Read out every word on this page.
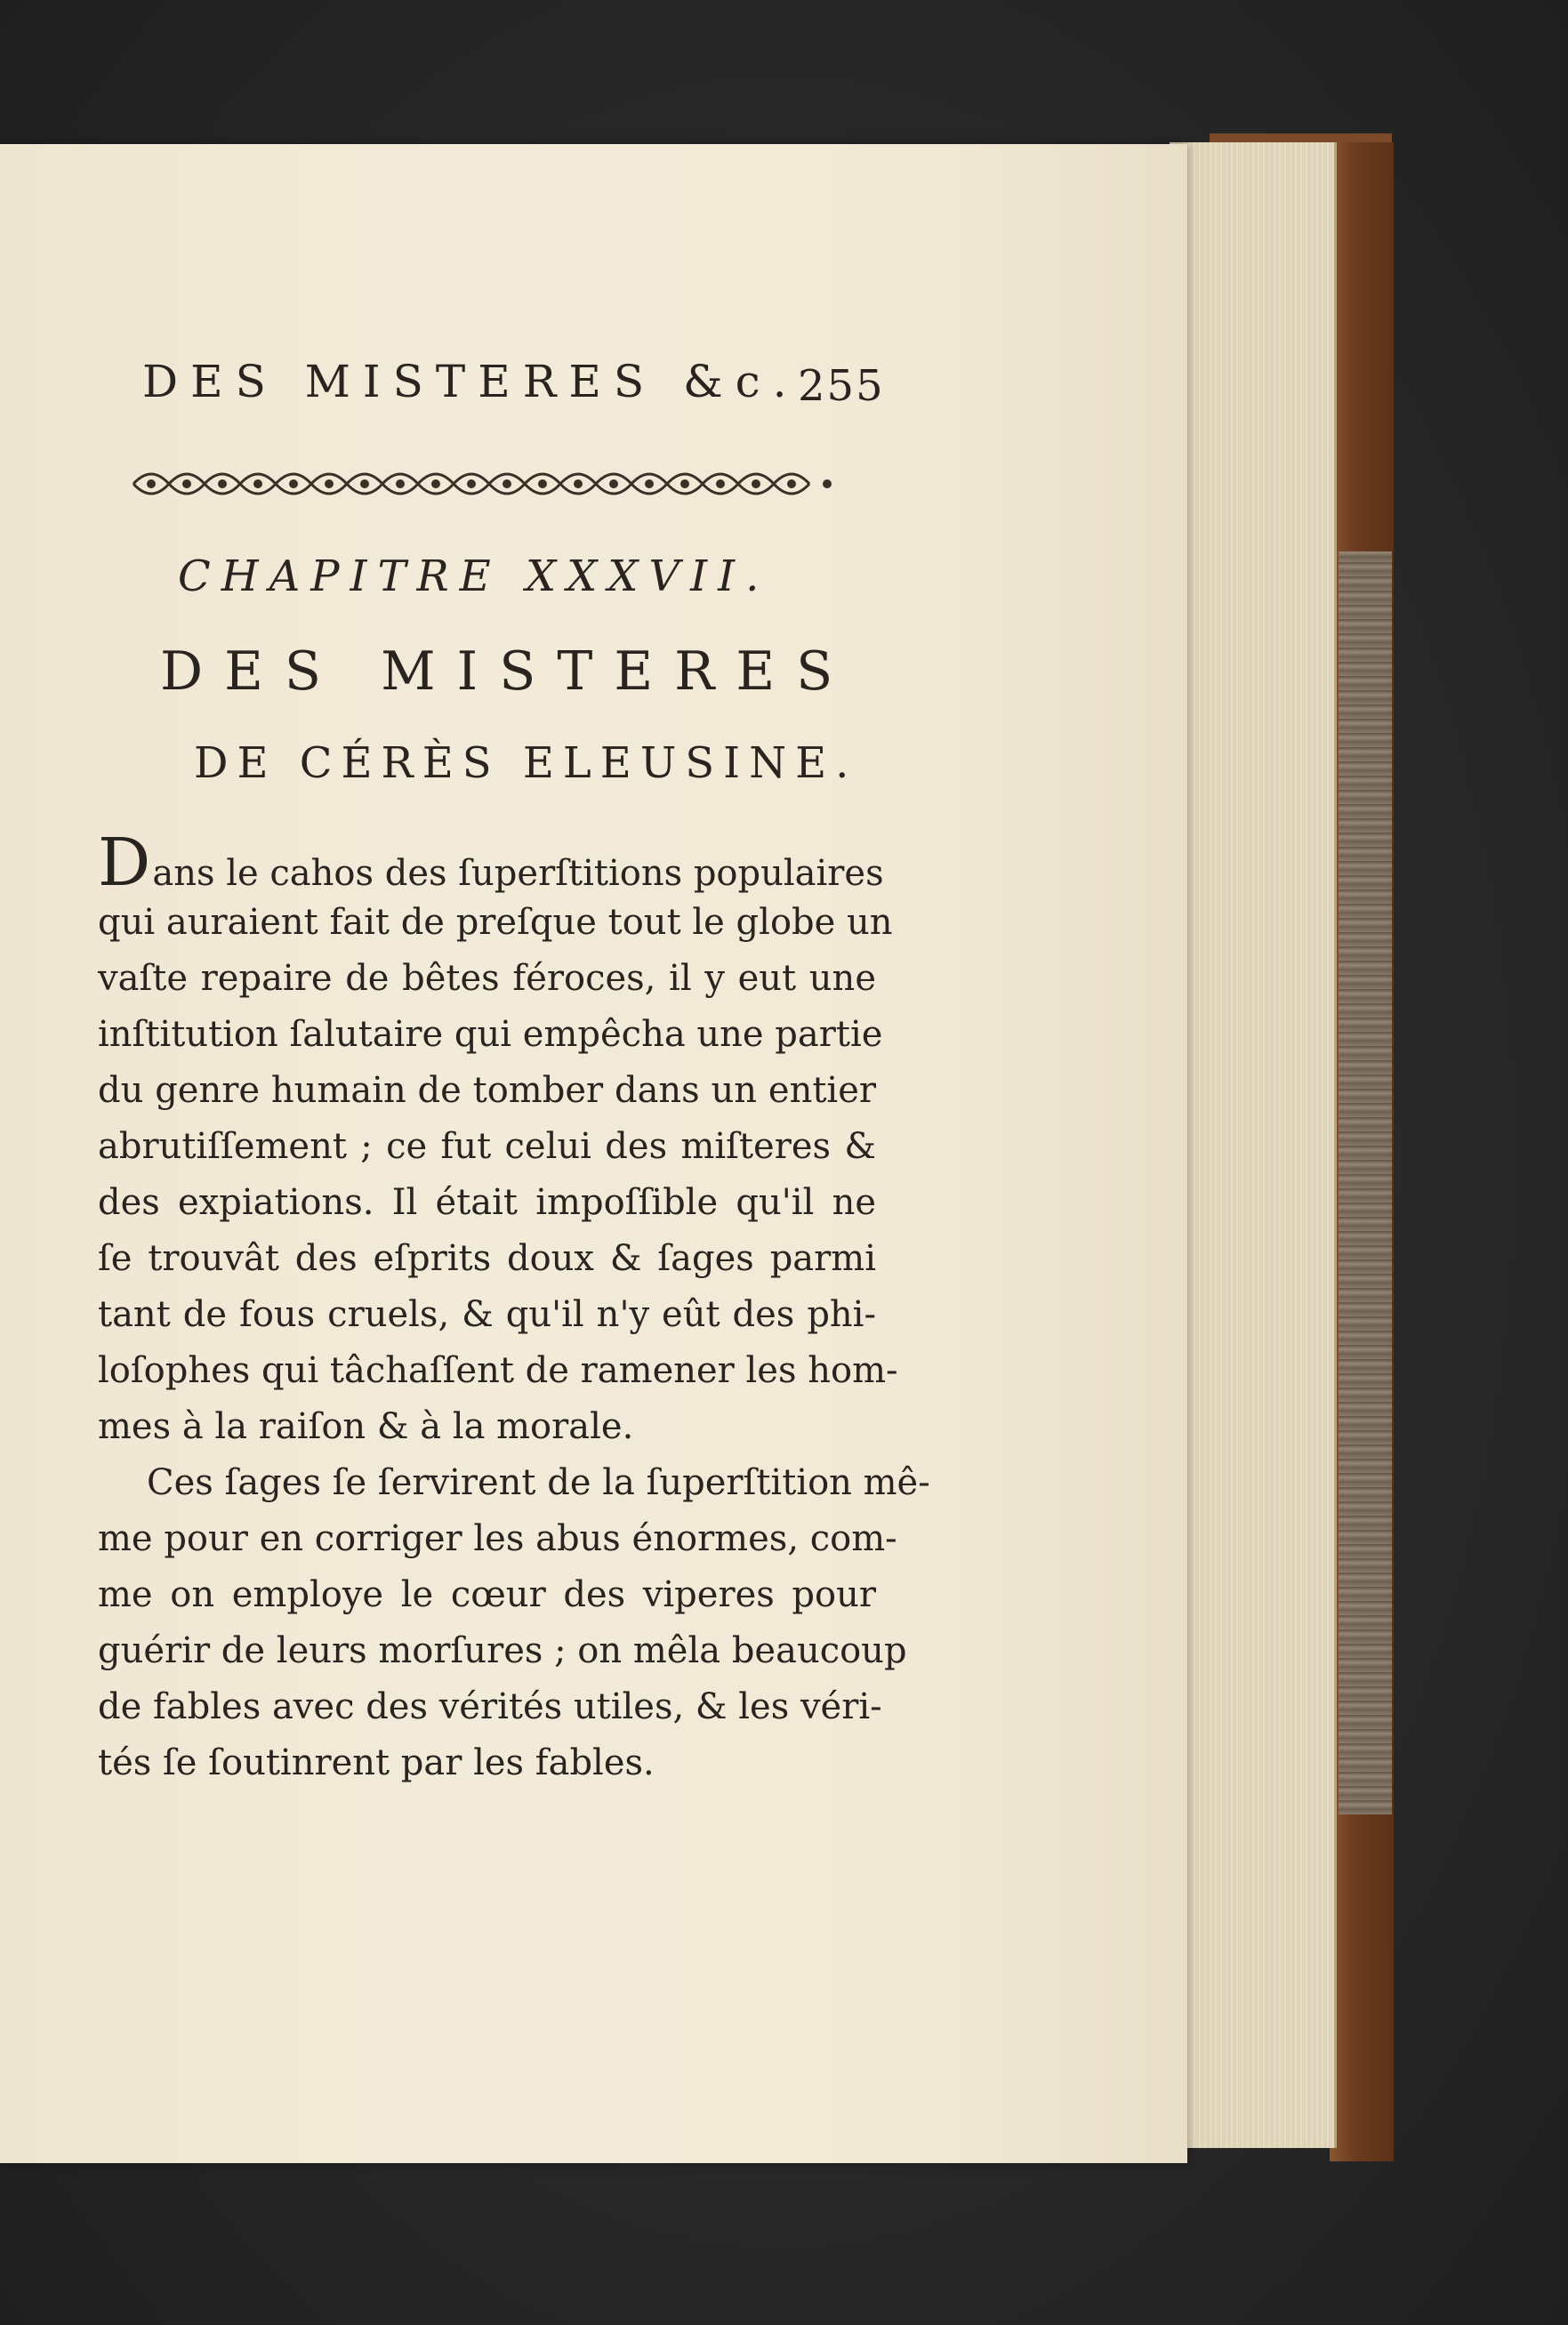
DES MISTERES &c.
255
CHAPITRE XXXVII.
DES MISTERES
DE CÉRÈS ELEUSINE.
Dans le cahos des ſuperſtitions populaires
qui auraient fait de preſque tout le globe un
vaſte repaire de bêtes féroces, il y eut une
inſtitution ſalutaire qui empêcha une partie
du genre humain de tomber dans un entier
abrutiſſement ; ce fut celui des miſteres &
des expiations. Il était impoſſible qu'il ne
ſe trouvât des eſprits doux & ſages parmi
tant de fous cruels, & qu'il n'y eût des phi-
loſophes qui tâchaſſent de ramener les hom-
mes à la raiſon & à la morale.
Ces ſages ſe ſervirent de la ſuperſtition mê-
me pour en corriger les abus énormes, com-
me on employe le cœur des viperes pour
guérir de leurs morſures ; on mêla beaucoup
de fables avec des vérités utiles, & les véri-
tés ſe ſoutinrent par les fables.
